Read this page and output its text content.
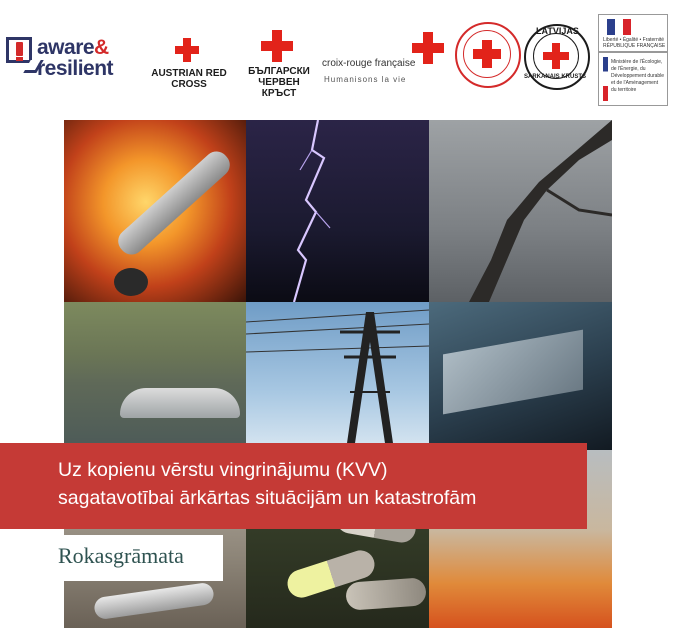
aware&
resilient	AUSTRIAN RED CROSS
БЪЛГАРСКИ
ЧЕРВЕН КРЪСТ
croix-rouge française
Humanisons la vie
LATVIJAS
SARKANAIS KRUSTS
Liberté • Égalité • Fraternité
RÉPUBLIQUE FRANÇAISE
Ministère de l'Écologie, de l'Énergie, du Développement durable et de l'Aménagement du territoire
Uz kopienu vērstu vingrinājumu (KVV)
sagatavotībai ārkārtas situācijām un katastrofām
Rokasgrāmata
